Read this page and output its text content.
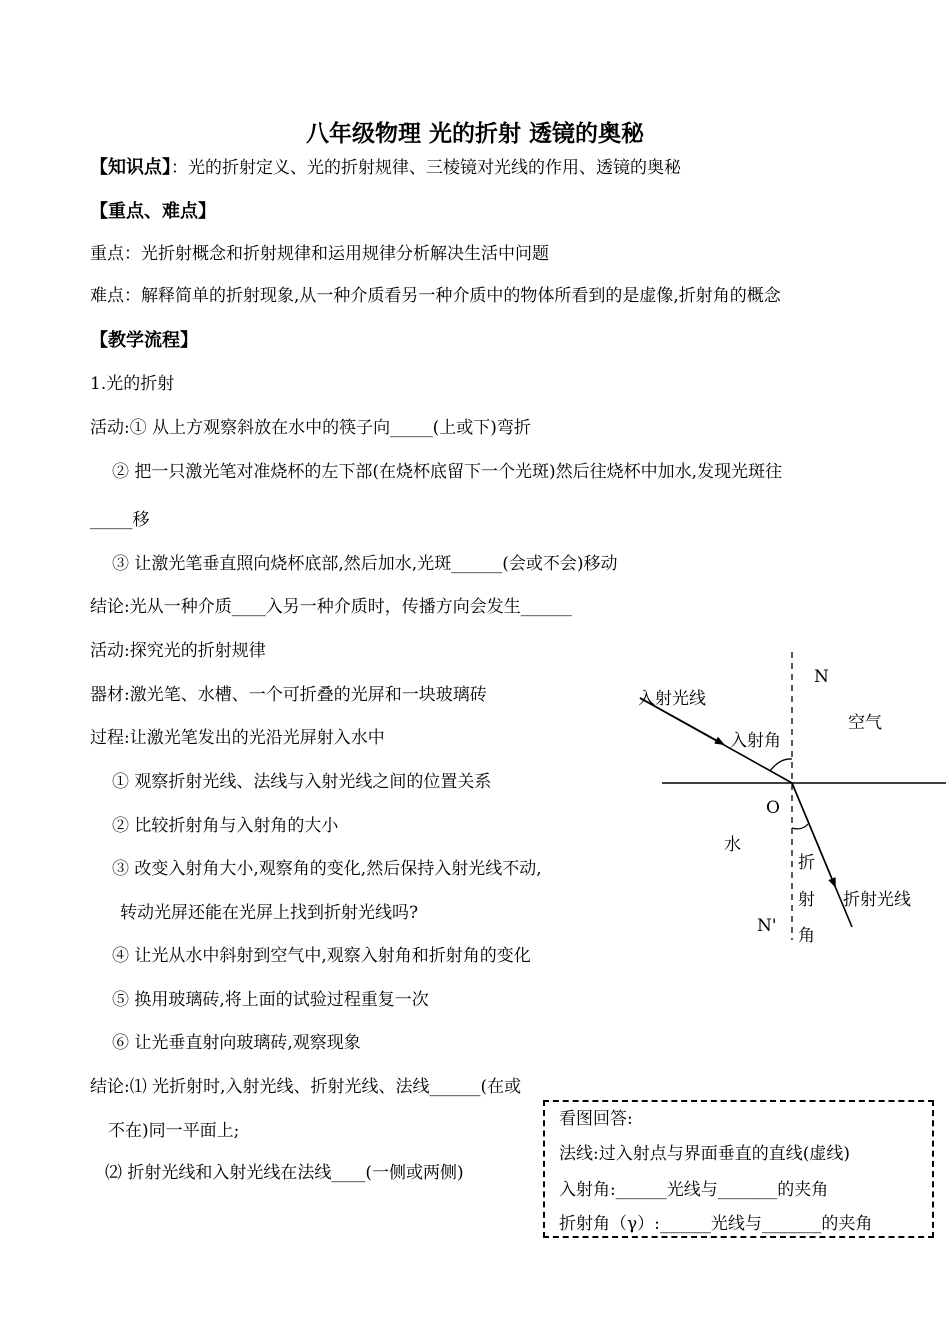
八年级物理 光的折射 透镜的奥秘
【知识点】：光的折射定义、光的折射规律、三棱镜对光线的作用、透镜的奥秘
【重点、难点】
重点：光折射概念和折射规律和运用规律分析解决生活中问题
难点：解释简单的折射现象,从一种介质看另一种介质中的物体所看到的是虚像,折射角的概念
【教学流程】
1.光的折射
活动:① 从上方观察斜放在水中的筷子向_____(上或下)弯折
② 把一只激光笔对准烧杯的左下部(在烧杯底留下一个光斑)然后往烧杯中加水,发现光斑往
_____移
③ 让激光笔垂直照向烧杯底部,然后加水,光斑______(会或不会)移动
结论:光从一种介质____入另一种介质时，传播方向会发生______
活动:探究光的折射规律
器材:激光笔、水槽、一个可折叠的光屏和一块玻璃砖
过程:让激光笔发出的光沿光屏射入水中
① 观察折射光线、法线与入射光线之间的位置关系
② 比较折射角与入射角的大小
③ 改变入射角大小,观察角的变化,然后保持入射光线不动,
转动光屏还能在光屏上找到折射光线吗?
④ 让光从水中斜射到空气中,观察入射角和折射角的变化
⑤ 换用玻璃砖,将上面的试验过程重复一次
⑥ 让光垂直射向玻璃砖,观察现象
结论:⑴ 光折射时,入射光线、折射光线、法线______(在或
不在)同一平面上;
⑵ 折射光线和入射光线在法线____(一侧或两侧)
N
空气
入射光线
入射角
O
水
折
射
角
折射光线
N'
看图回答:
法线:过入射点与界面垂直的直线(虚线)
入射角:______光线与_______的夹角
折射角（γ）:______光线与_______的夹角
